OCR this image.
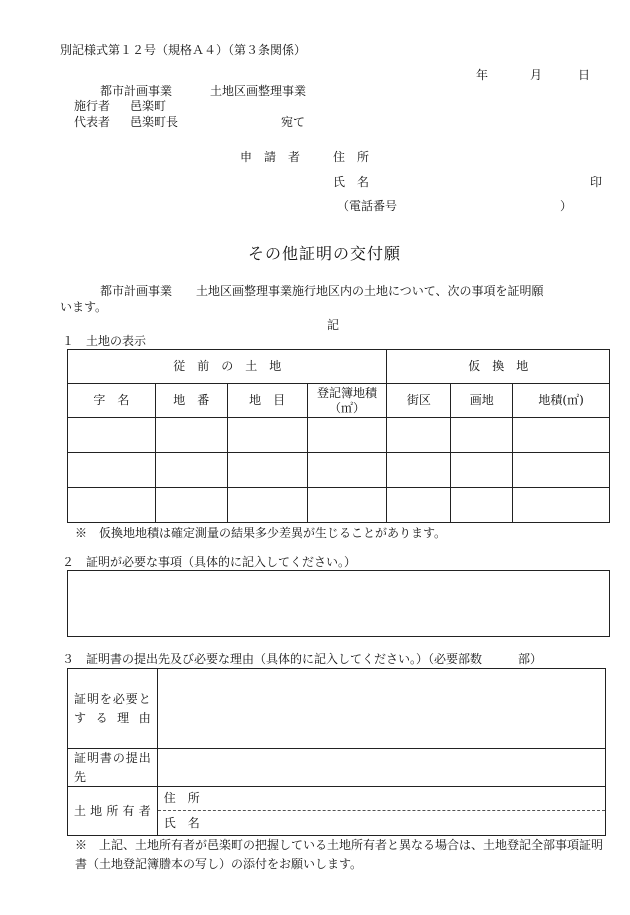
別記様式第１２号（規格Ａ４）（第３条関係）
年	月	日
都市計画事業	土地区画整理事業
施行者 邑楽町
代表者 邑楽町長	宛て
申　請　者	住　所
氏　名	印
（電話番号	）
その他証明の交付願
都市計画事業　　土地区画整理事業施行地区内の土地について、次の事項を証明願
います。
記
１　土地の表示
従　前　の　土　地				仮　換　地		
字　名	地　番	地　目	登記簿地積（㎡）	街区	画地	地積(㎡)

※　仮換地地積は確定測量の結果多少差異が生じることがあります。
２　証明が必要な事項（具体的に記入してください。）
３　証明書の提出先及び必要な理由（具体的に記入してください。）（必要部数　　　部）
証明を必要とする理由	
証明書の提出先	
土地所有者	住　所
	氏　名
※　上記、土地所有者が邑楽町の把握している土地所有者と異なる場合は、土地登記全部事項証明書（土地登記簿謄本の写し）の添付をお願いします。
